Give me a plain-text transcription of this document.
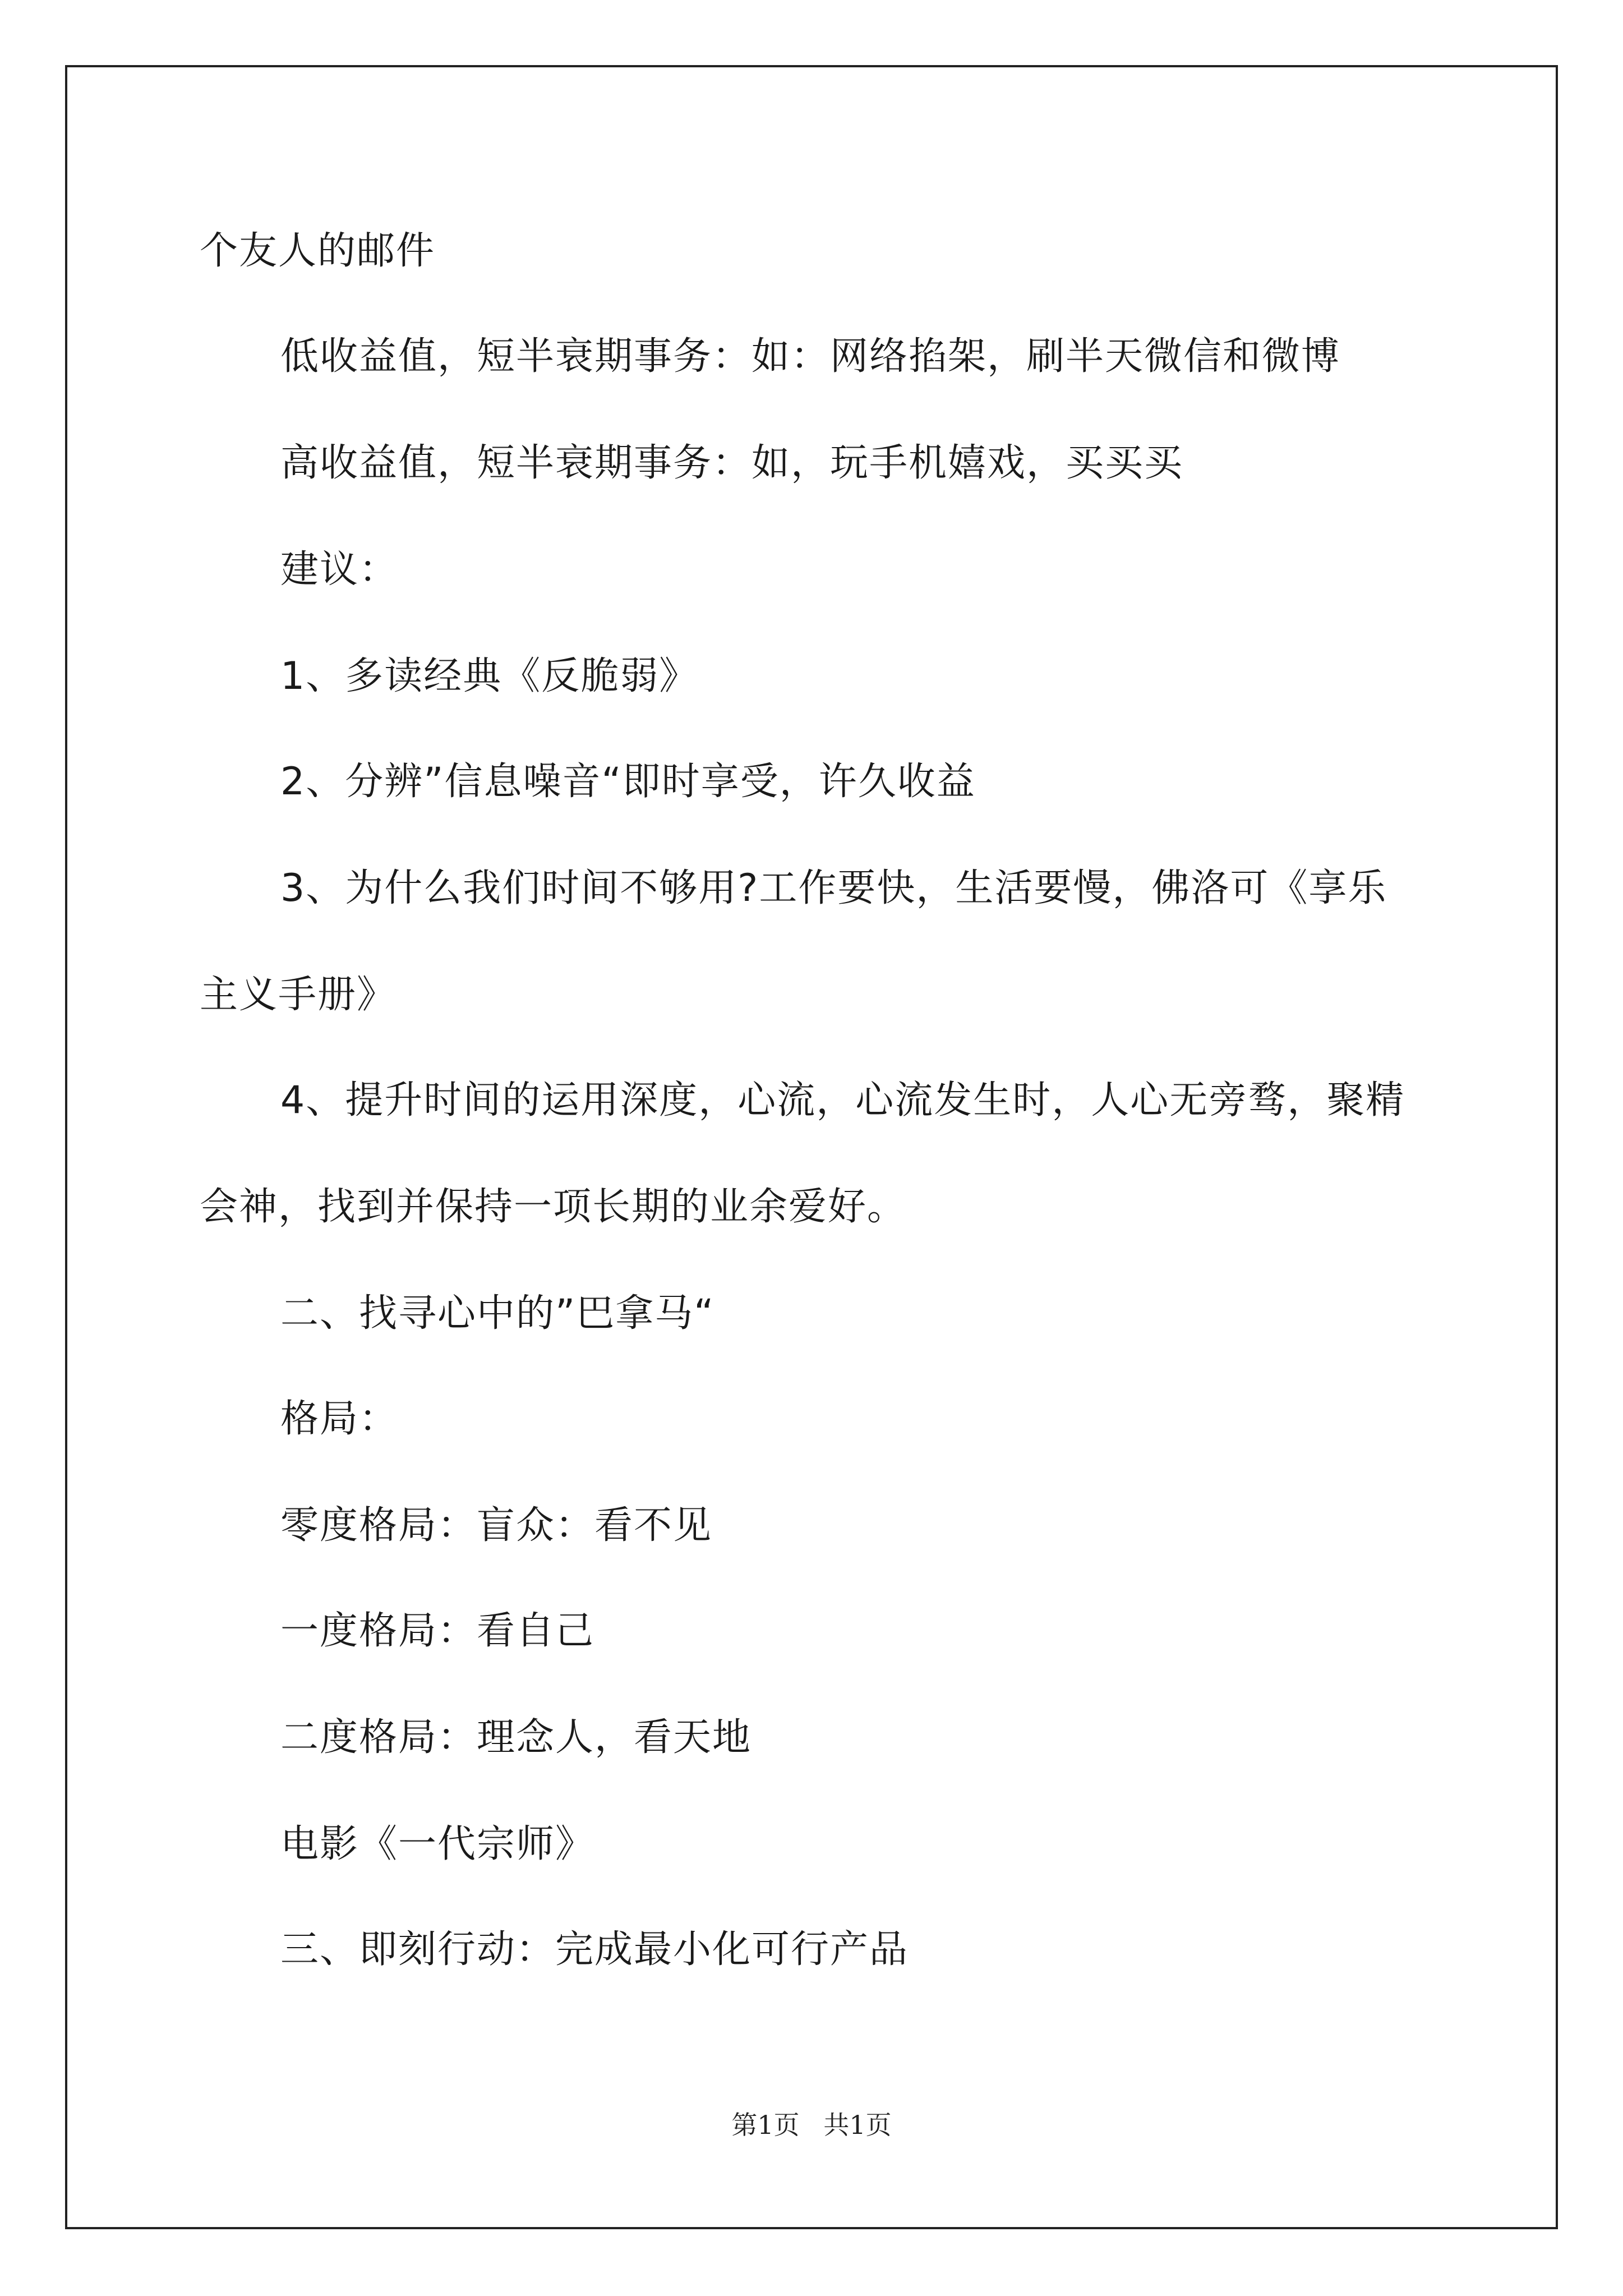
个友人的邮件
低收益值，短半衰期事务：如：网络掐架，刷半天微信和微博
高收益值，短半衰期事务：如，玩手机嬉戏，买买买
建议：
1、多读经典《反脆弱》
2、分辨”信息噪音“即时享受，许久收益
3、为什么我们时间不够用?工作要快，生活要慢，佛洛可《享乐
主义手册》
4、提升时间的运用深度，心流，心流发生时，人心无旁骛，聚精
会神，找到并保持一项长期的业余爱好。
二、找寻心中的”巴拿马“
格局：
零度格局：盲众：看不见
一度格局：看自己
二度格局：理念人，看天地
电影《一代宗师》
三、即刻行动：完成最小化可行产品
第1页 共1页
